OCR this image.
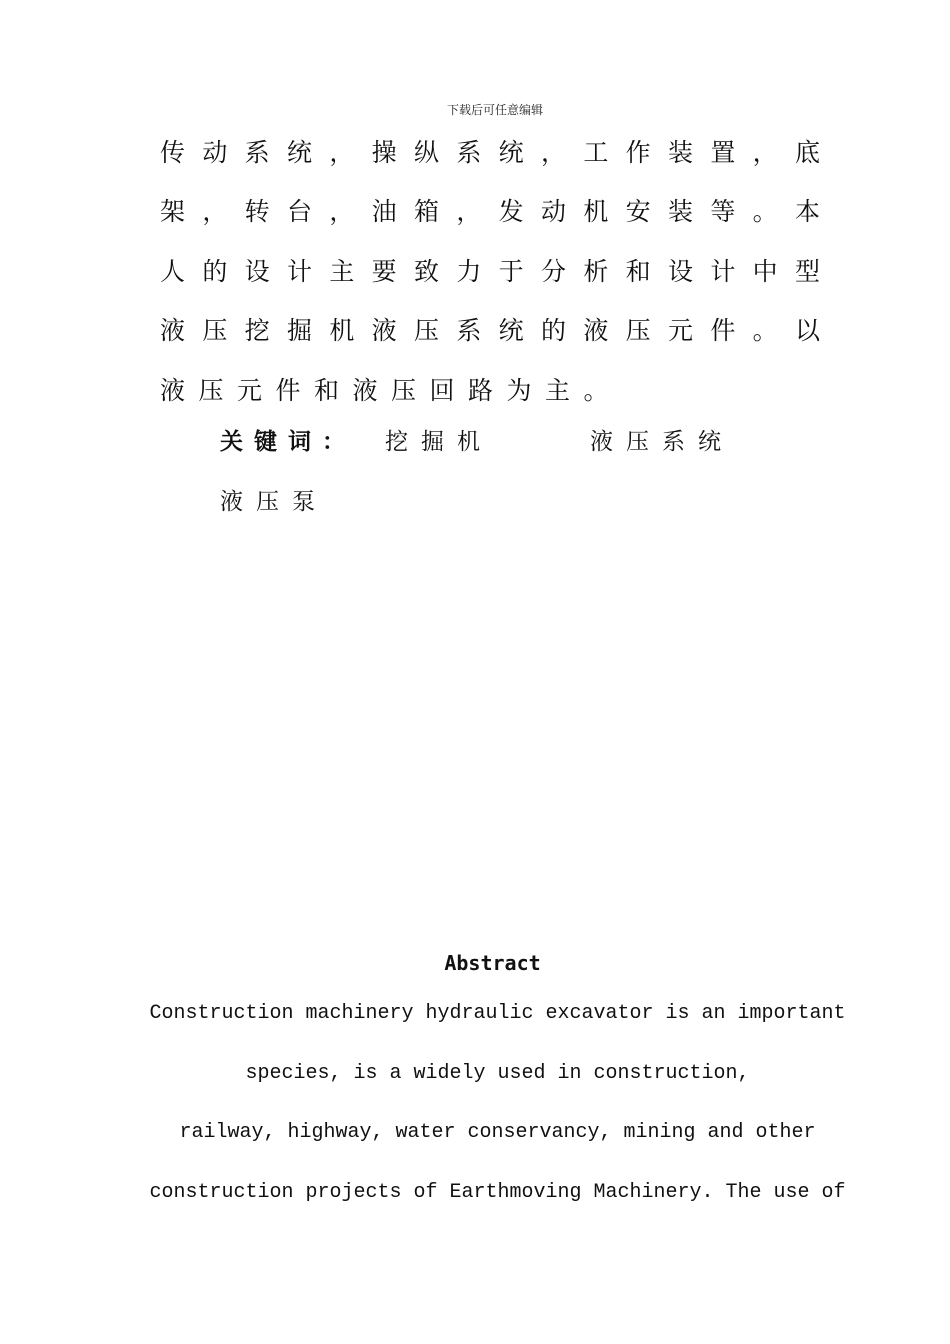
下载后可任意编辑
传动系统，操纵系统，工作装置，底
架，转台，油箱，发动机安装等。本
人的设计主要致力于分析和设计中型
液压挖掘机液压系统的液压元件。以
液压元件和液压回路为主。
关键词： 挖掘机	液压系统
液压泵
Abstract
Construction machinery hydraulic excavator is an important
species, is a widely used in construction,
railway, highway, water conservancy, mining and other
construction projects of Earthmoving Machinery. The use of
